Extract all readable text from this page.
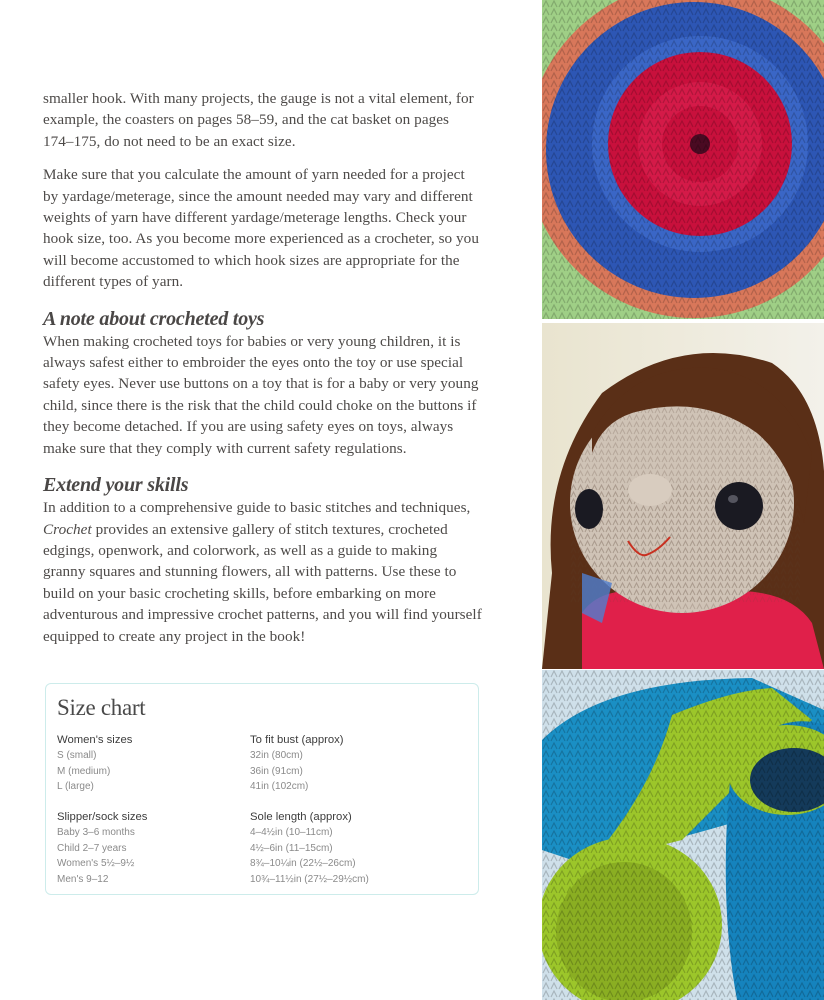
smaller hook. With many projects, the gauge is not a vital element, for example, the coasters on pages 58–59, and the cat basket on pages 174–175, do not need to be an exact size.

Make sure that you calculate the amount of yarn needed for a project by yardage/meterage, since the amount needed may vary and different weights of yarn have different yardage/meterage lengths. Check your hook size, too. As you become more experienced as a crocheter, so you will become accustomed to which hook sizes are appropriate for the different types of yarn.

A note about crocheted toys

When making crocheted toys for babies or very young children, it is always safest either to embroider the eyes onto the toy or use special safety eyes. Never use buttons on a toy that is for a baby or very young child, since there is the risk that the child could choke on the buttons if they become detached. If you are using safety eyes on toys, always make sure that they comply with current safety regulations.

Extend your skills

In addition to a comprehensive guide to basic stitches and techniques, Crochet provides an extensive gallery of stitch textures, crocheted edgings, openwork, and colorwork, as well as a guide to making granny squares and stunning flowers, all with patterns. Use these to build on your basic crocheting skills, before embarking on more adventurous and impressive crochet patterns, and you will find yourself equipped to create any project in the book!

Size chart
Women's sizes
S (small)
M (medium)
L (large)
To fit bust (approx)
32in (80cm)
36in (91cm)
41in (102cm)
Slipper/sock sizes
Baby 3–6 months
Child 2–7 years
Women's 5½–9½
Men's 9–12
Sole length (approx)
4–4½in (10–11cm)
4½–6in (11–15cm)
8¾–10¼in (22½–26cm)
10¾–11½in (27½–29½cm)
